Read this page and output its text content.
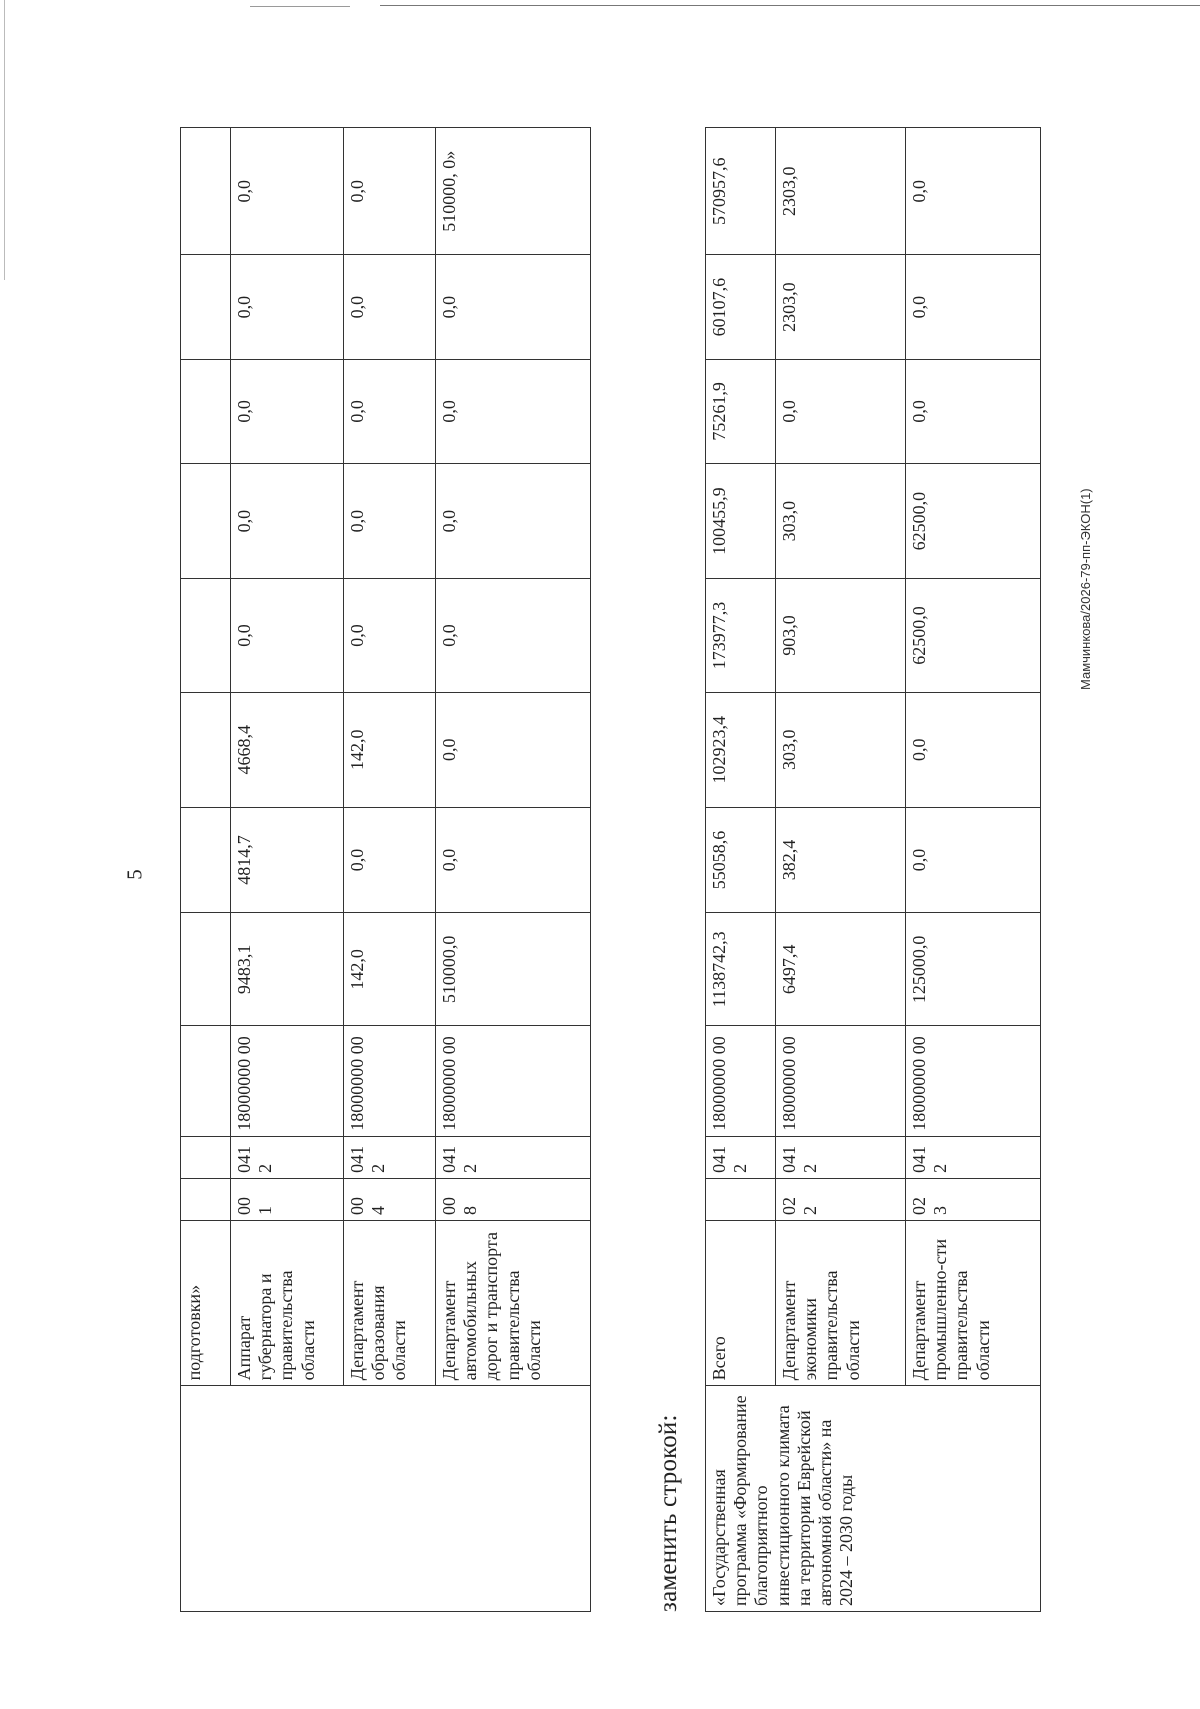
5
	подготовки»											
	Аппарат губернатора и правительства области	00 1	041 2	18000000 00	9483,1	4814,7	4668,4	0,0	0,0	0,0	0,0	0,0
	Департамент образования области	00 4	041 2	18000000 00	142,0	0,0	142,0	0,0	0,0	0,0	0,0	0,0
	Департамент автомобильных дорог и транспорта правительства области	00 8	041 2	18000000 00	510000,0	0,0	0,0	0,0	0,0	0,0	0,0	510000, 0»
заменить строкой: «Государственная программа «Формирование благоприятного инвестиционного климата на территории Еврейской автономной области» на 2024 – 2030 годы	Всего		041 2	18000000 00	1138742,3	55058,6	102923,4	173977,3	100455,9	75261,9	60107,6	570957,6
	Департамент экономики правительства области	02 2	041 2	18000000 00	6497,4	382,4	303,0	903,0	303,0	0,0	2303,0	2303,0
	Департамент промышленно-сти правительства области	02 3	041 2	18000000 00	125000,0	0,0	0,0	62500,0	62500,0	0,0	0,0	0,0
Мамчинкова/2026-79-пп-ЭКОН(1)
